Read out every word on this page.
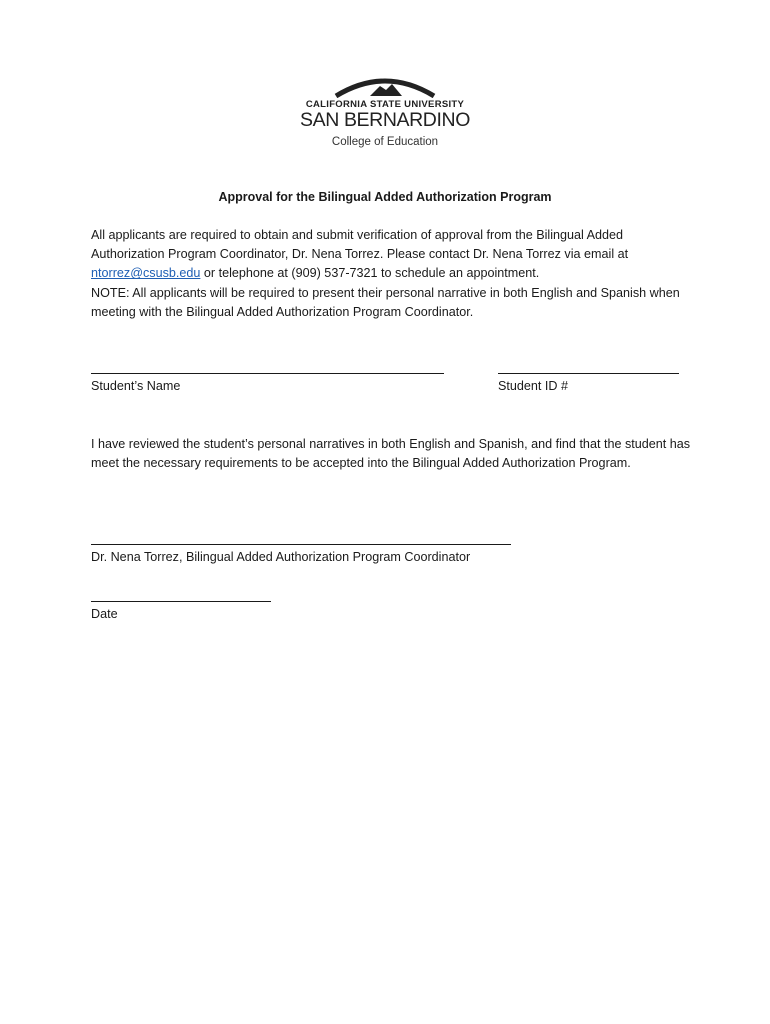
CALIFORNIA STATE UNIVERSITY
SAN BERNARDINO
College of Education
Approval for the Bilingual Added Authorization Program
All applicants are required to obtain and submit verification of approval from the Bilingual Added Authorization Program Coordinator, Dr. Nena Torrez. Please contact Dr. Nena Torrez via email at ntorrez@csusb.edu or telephone at (909) 537-7321 to schedule an appointment.
NOTE: All applicants will be required to present their personal narrative in both English and Spanish when meeting with the Bilingual Added Authorization Program Coordinator.
Student’s Name	Student ID #
I have reviewed the student’s personal narratives in both English and Spanish, and find that the student has meet the necessary requirements to be accepted into the Bilingual Added Authorization Program.
Dr. Nena Torrez, Bilingual Added Authorization Program Coordinator
Date
